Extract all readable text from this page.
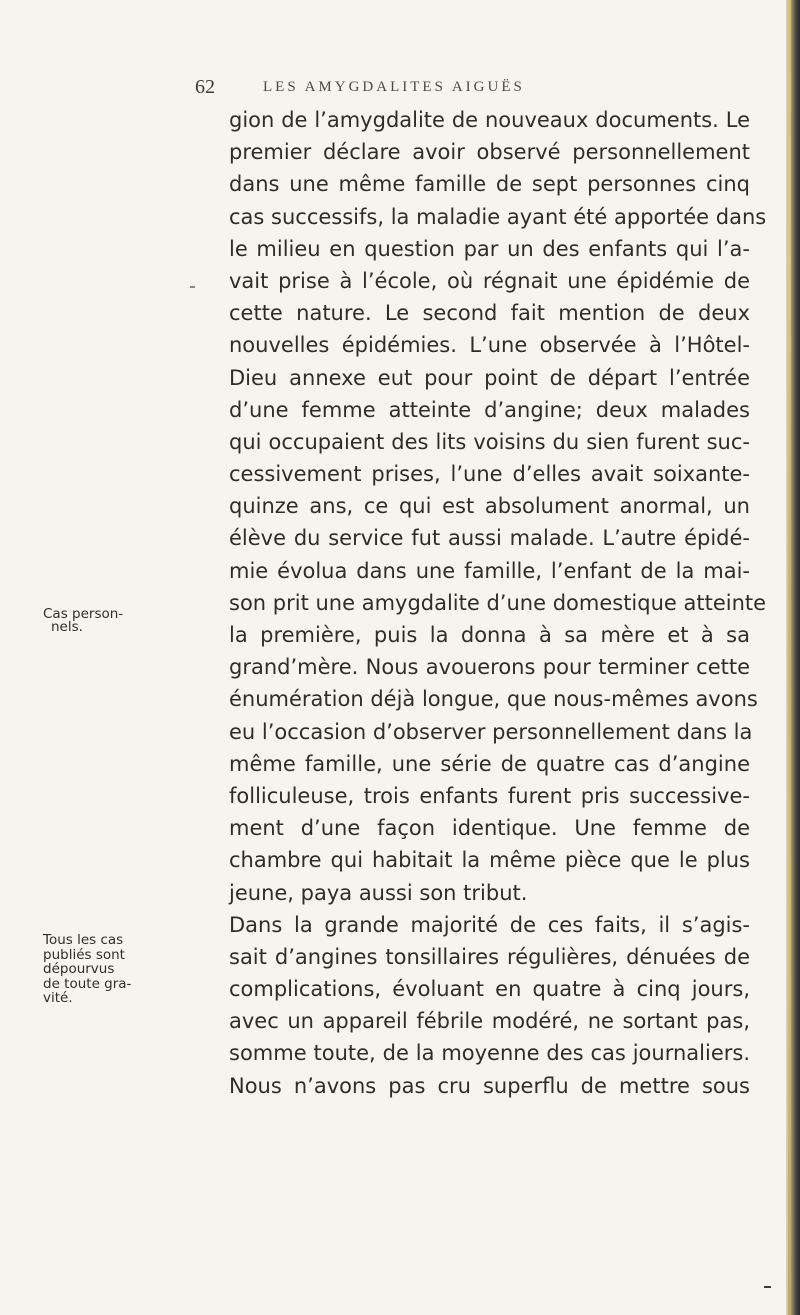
62	LES AMYGDALITES AIGUËS
gion de l’amygdalite de nouveaux documents. Le
premier déclare avoir observé personnellement
dans une même famille de sept personnes cinq
cas successifs, la maladie ayant été apportée dans
le milieu en question par un des enfants qui l’a-
vait prise à l’école, où régnait une épidémie de
cette nature. Le second fait mention de deux
nouvelles épidémies. L’une observée à l’Hôtel-
Dieu annexe eut pour point de départ l’entrée
d’une femme atteinte d’angine; deux malades
qui occupaient des lits voisins du sien furent suc-
cessivement prises, l’une d’elles avait soixante-
quinze ans, ce qui est absolument anormal, un
élève du service fut aussi malade. L’autre épidé-
mie évolua dans une famille, l’enfant de la mai-
son prit une amygdalite d’une domestique atteinte
la première, puis la donna à sa mère et à sa
grand’mère. Nous avouerons pour terminer cette
énumération déjà longue, que nous-mêmes avons
eu l’occasion d’observer personnellement dans la
même famille, une série de quatre cas d’angine
folliculeuse, trois enfants furent pris successive-
ment d’une façon identique. Une femme de
chambre qui habitait la même pièce que le plus
jeune, paya aussi son tribut.
Dans la grande majorité de ces faits, il s’agis-
sait d’angines tonsillaires régulières, dénuées de
complications, évoluant en quatre à cinq jours,
avec un appareil fébrile modéré, ne sortant pas,
somme toute, de la moyenne des cas journaliers.
Nous n’avons pas cru superflu de mettre sous
Cas person-
nels.
Tous les cas
publiés sont
dépourvus
de toute gra-
vité.
